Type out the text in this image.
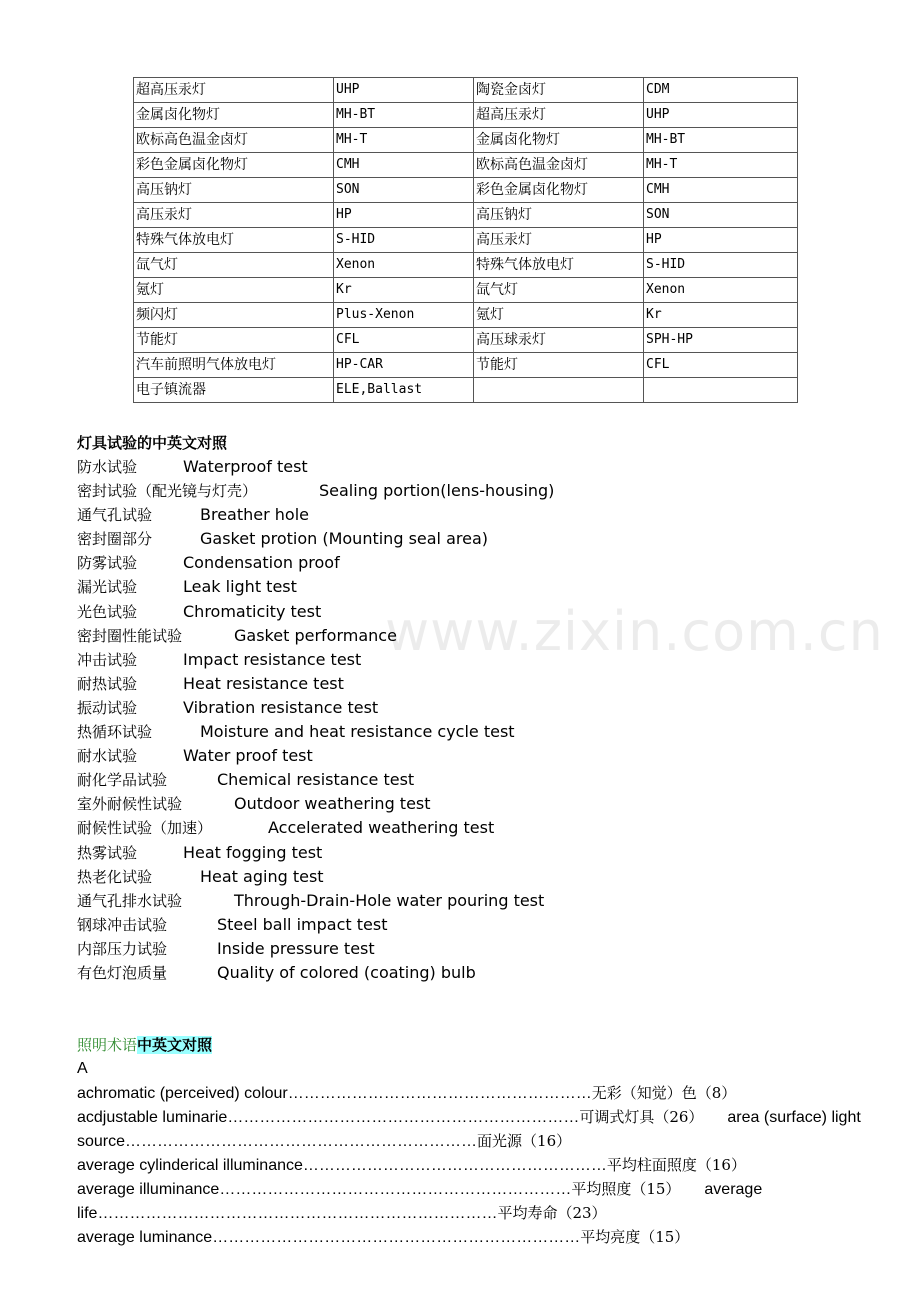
超高压汞灯	UHP	陶瓷金卤灯	CDM
金属卤化物灯	MH-BT	超高压汞灯	UHP
欧标高色温金卤灯	MH-T	金属卤化物灯	MH-BT
彩色金属卤化物灯	CMH	欧标高色温金卤灯	MH-T
高压钠灯	SON	彩色金属卤化物灯	CMH
高压汞灯	HP	高压钠灯	SON
特殊气体放电灯	S-HID	高压汞灯	HP
氙气灯	Xenon	特殊气体放电灯	S-HID
氪灯	Kr	氙气灯	Xenon
频闪灯	Plus-Xenon	氪灯	Kr
节能灯	CFL	高压球汞灯	SPH-HP
汽车前照明气体放电灯	HP-CAR	节能灯	CFL
电子镇流器	ELE,Ballast		
灯具试验的中英文对照
防水试验	Waterproof test
密封试验（配光镜与灯壳）	Sealing portion(lens-housing)
通气孔试验	Breather hole
密封圈部分	Gasket protion (Mounting seal area)
防雾试验	Condensation proof
漏光试验	Leak light test
光色试验	Chromaticity test
密封圈性能试验	Gasket performance
冲击试验	Impact resistance test
耐热试验	Heat resistance test
振动试验	Vibration resistance test
热循环试验	Moisture and heat resistance cycle test
耐水试验	Water proof test
耐化学品试验	Chemical resistance test
室外耐候性试验	Outdoor weathering test
耐候性试验（加速）	Accelerated weathering test
热雾试验	Heat fogging test
热老化试验	Heat aging test
通气孔排水试验	Through-Drain-Hole water pouring test
钢球冲击试验	Steel ball impact test
内部压力试验	Inside pressure test
有色灯泡质量	Quality of colored (coating) bulb
照明术语中英文对照
A
achromatic (perceived) colour…………………………………………………无彩（知觉）色（8）
acdjustable luminarie…………………………………………………………可调式灯具（26） area (surface) light
source…………………………………………………………面光源（16）
average cylinderical illuminance…………………………………………………平均柱面照度（16）
average illuminance…………………………………………………………平均照度（15） average
life…………………………………………………………………平均寿命（23）
average luminance……………………………………………………………平均亮度（15）
www.zixin.com.cn
